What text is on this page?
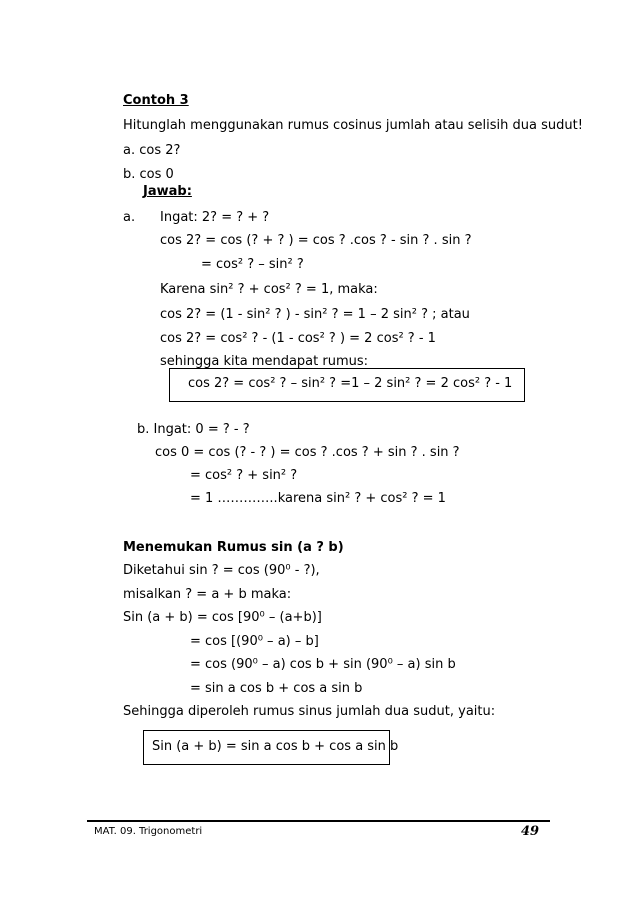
Contoh 3
Hitunglah menggunakan rumus cosinus jumlah atau selisih dua sudut!
a. cos 2?
b. cos 0
Jawab:
a. Ingat: 2? = ? + ?
cos 2? = cos (? + ? ) = cos ? .cos ? - sin ? . sin ?
= cos² ? – sin² ?
Karena sin² ? + cos² ? = 1, maka:
cos 2? = (1 - sin² ? ) - sin² ? = 1 – 2 sin² ? ; atau
cos 2? = cos² ? - (1 - cos² ? ) = 2 cos² ? - 1
sehingga kita mendapat rumus:
cos 2? = cos² ? – sin² ? =1 – 2 sin² ? = 2 cos² ? - 1
b. Ingat: 0 = ? - ?
cos 0 = cos (? - ? ) = cos ? .cos ? + sin ? . sin ?
= cos² ? + sin² ?
= 1 …………..karena sin² ? + cos² ? = 1
Menemukan Rumus sin (a ? b)
Diketahui sin ? = cos (90⁰ - ?),
misalkan ? = a + b maka:
Sin (a + b) = cos [90⁰ – (a+b)]
= cos [(90⁰ – a) – b]
= cos (90⁰ – a) cos b + sin (90⁰ – a) sin b
= sin a cos b + cos a sin b
Sehingga diperoleh rumus sinus jumlah dua sudut, yaitu:
Sin (a + b) = sin a cos b + cos a sin b
MAT. 09. Trigonometri	49
